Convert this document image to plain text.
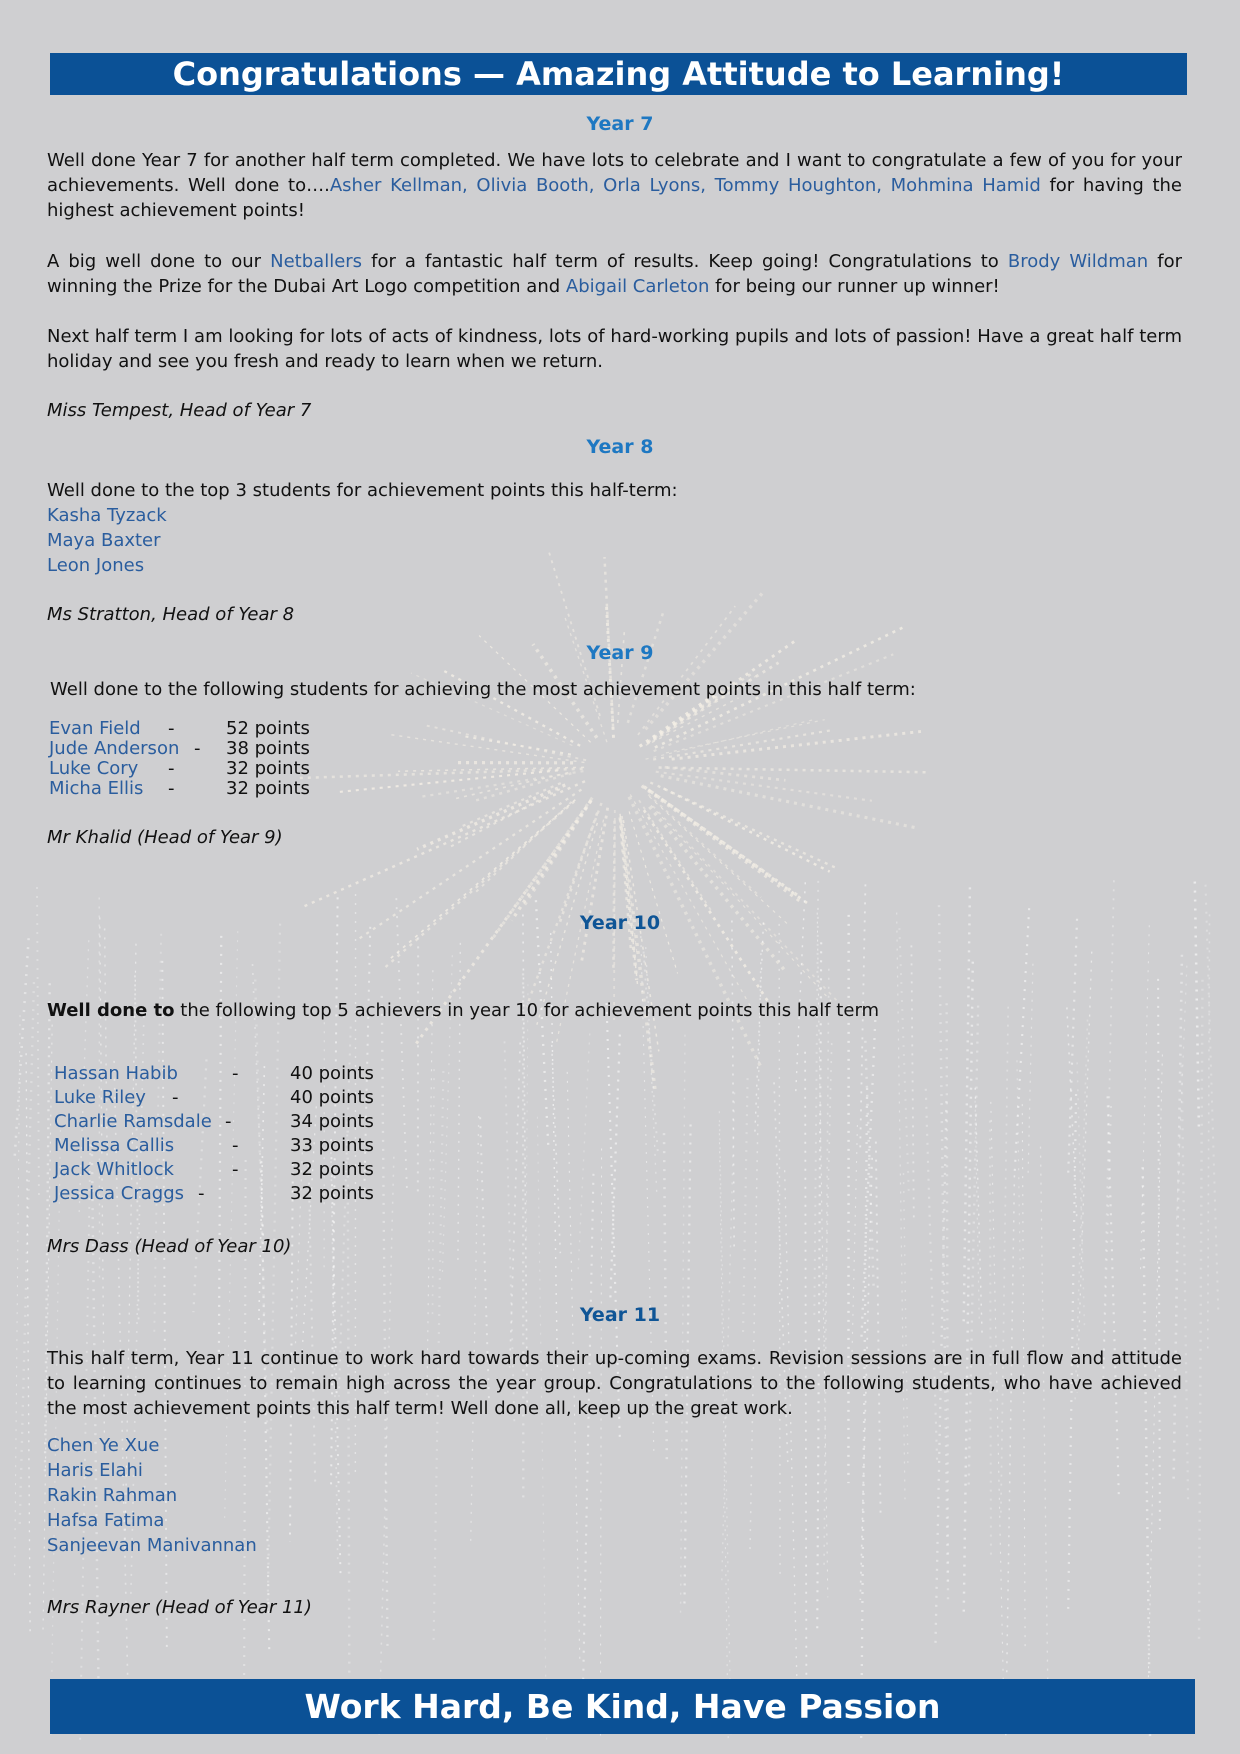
Congratulations — Amazing Attitude to Learning!
Year 7
Well done Year 7 for another half term completed. We have lots to celebrate and I want to congratulate a few of you for your achievements. Well done to….Asher Kellman, Olivia Booth, Orla Lyons, Tommy Houghton, Mohmina Hamid for having the highest achievement points!
A big well done to our Netballers for a fantastic half term of results. Keep going! Congratulations to Brody Wildman for winning the Prize for the Dubai Art Logo competition and Abigail Carleton for being our runner up winner!
Next half term I am looking for lots of acts of kindness, lots of hard-working pupils and lots of passion! Have a great half term holiday and see you fresh and ready to learn when we return.
Miss Tempest, Head of Year 7
Year 8
Well done to the top 3 students for achievement points this half-term:
Kasha Tyzack
Maya Baxter
Leon Jones
Ms Stratton, Head of Year 8
Year 9
Well done to the following students for achieving the most achievement points in this half term:
Evan Field -	52 points
Jude Anderson - 38 points
Luke Cory -	32 points
Micha Ellis -	32 points
Mr Khalid (Head of Year 9)
Year 10
Well done to the following top 5 achievers in year 10 for achievement points this half term
Hassan Habib	-	40 points
Luke Riley -	40 points
Charlie Ramsdale -	34 points
Melissa Callis	-	33 points
Jack Whitlock	-	32 points
Jessica Craggs -	32 points
Mrs Dass (Head of Year 10)
Year 11
This half term, Year 11 continue to work hard towards their up-coming exams. Revision sessions are in full flow and attitude to learning continues to remain high across the year group. Congratulations to the following students, who have achieved the most achievement points this half term! Well done all, keep up the great work.
Chen Ye Xue
Haris Elahi
Rakin Rahman
Hafsa Fatima
Sanjeevan Manivannan
Mrs Rayner (Head of Year 11)
Work Hard, Be Kind, Have Passion
